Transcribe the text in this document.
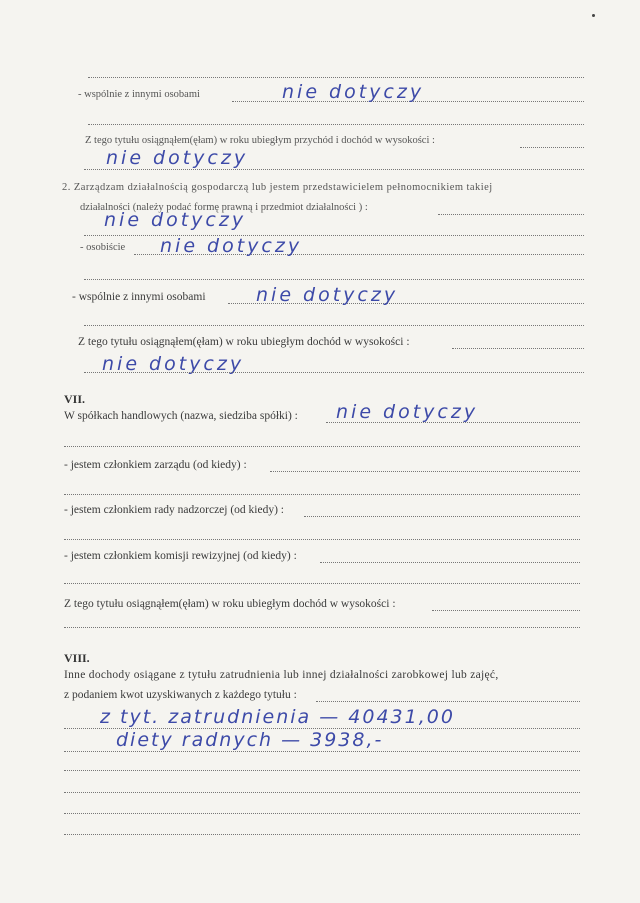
- wspólnie z innymi osobami	nie dotyczy
Z tego tytułu osiągnąłem(ęłam) w roku ubiegłym przychód i dochód w wysokości :
nie dotyczy
2. Zarządzam działalnością gospodarczą lub jestem przedstawicielem pełnomocnikiem takiej
działalności (należy podać formę prawną i przedmiot działalności ) :
nie dotyczy
- osobiście nie dotyczy
- wspólnie z innymi osobami	nie dotyczy
Z tego tytułu osiągnąłem(ęłam) w roku ubiegłym dochód w wysokości :
nie dotyczy
VII.
W spółkach handlowych (nazwa, siedziba spółki) : nie dotyczy
- jestem członkiem zarządu (od kiedy) :
- jestem członkiem rady nadzorczej (od kiedy) :
- jestem członkiem komisji rewizyjnej (od kiedy) :
Z tego tytułu osiągnąłem(ęłam) w roku ubiegłym dochód w wysokości :
VIII.
Inne dochody osiągane z tytułu zatrudnienia lub innej działalności zarobkowej lub zajęć,
z podaniem kwot uzyskiwanych z każdego tytułu :
z tyt. zatrudnienia — 40431,00
diety radnych — 3938,-
